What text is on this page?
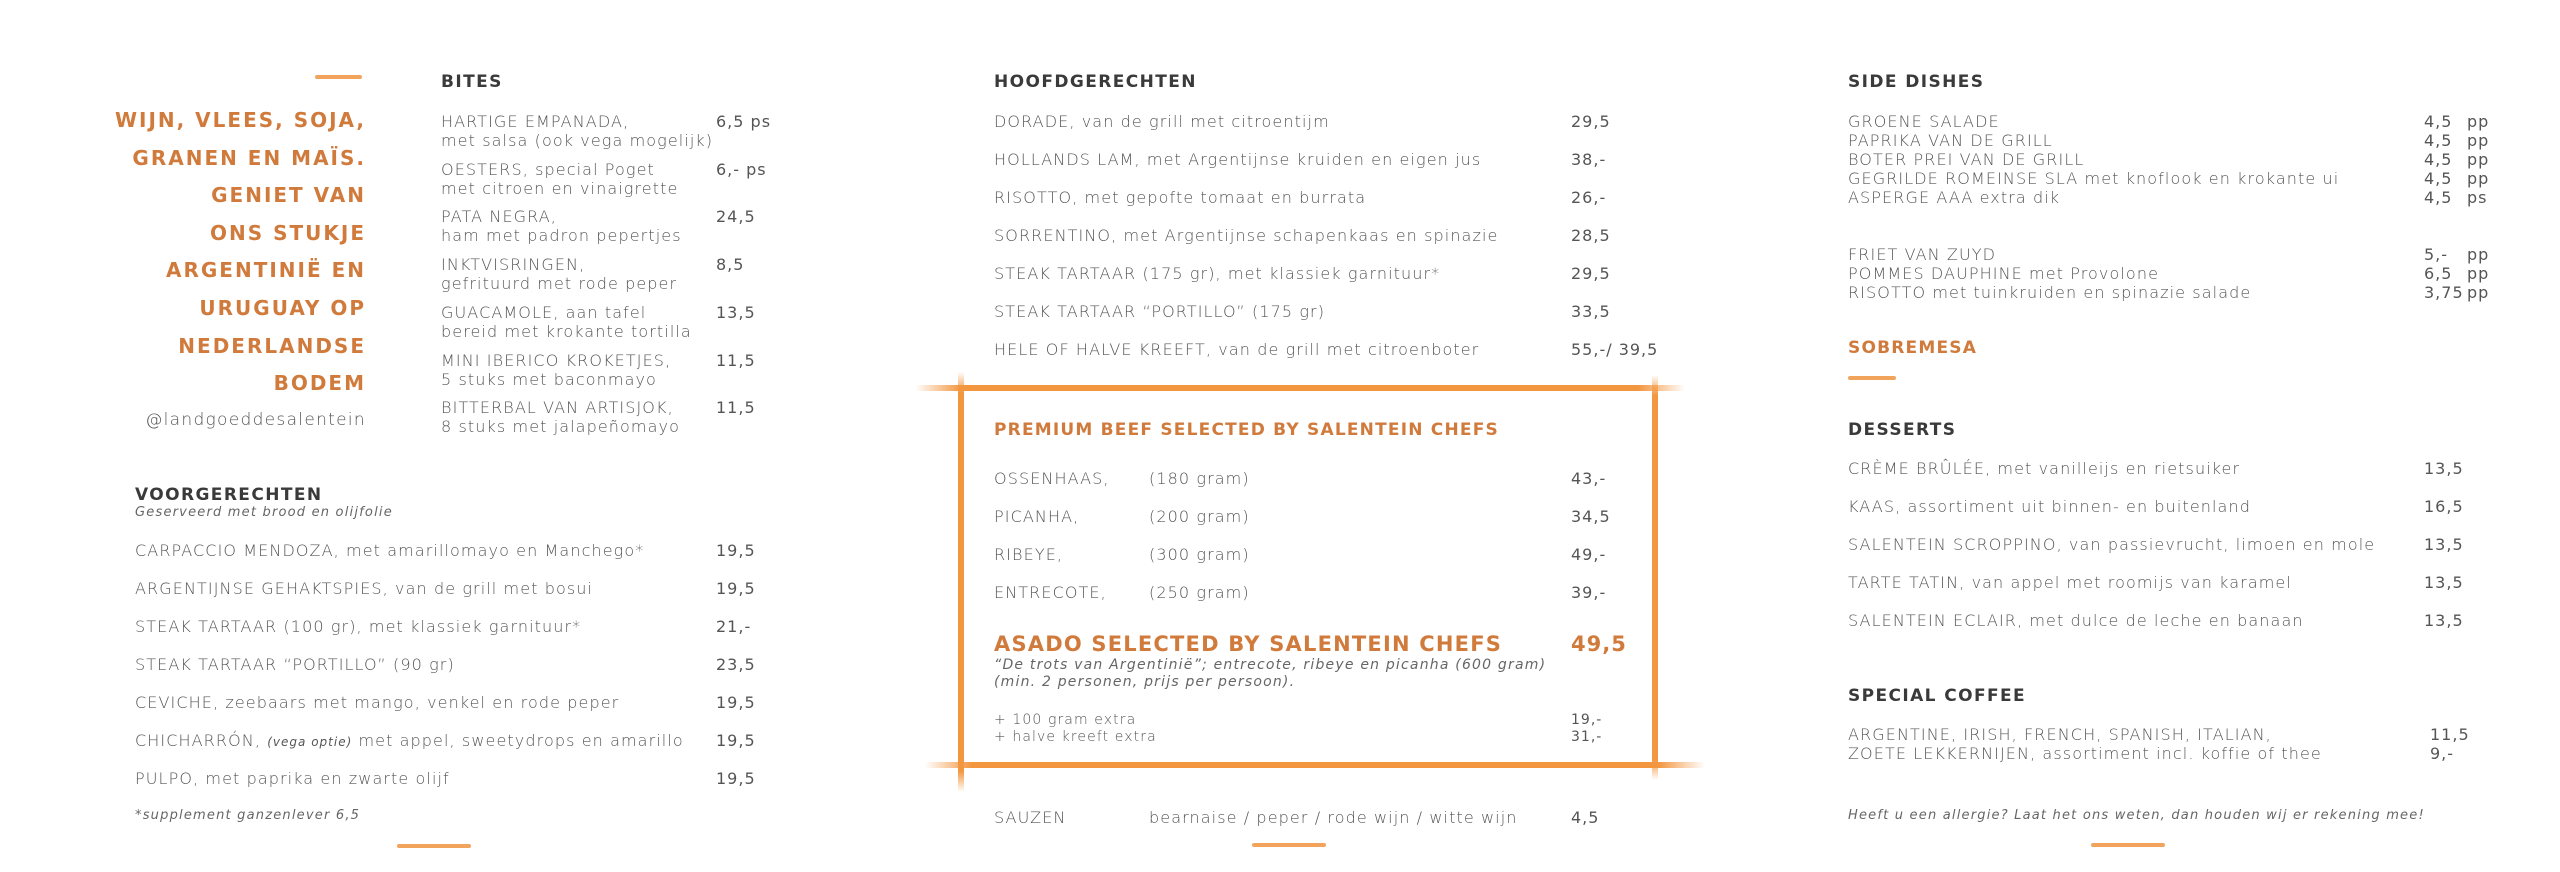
WIJN, VLEES, SOJA,
GRANEN EN MAÏS.
GENIET VAN
ONS STUKJE
ARGENTINIË EN
URUGUAY OP
NEDERLANDSE
BODEM
@landgoeddesalentein
BITES
HARTIGE EMPANADA,
met salsa (ook vega mogelijk)
6,5 ps
OESTERS, special Poget
met citroen en vinaigrette
6,- ps
PATA NEGRA,
ham met padron pepertjes
24,5
INKTVISRINGEN,
gefrituurd met rode peper
8,5
GUACAMOLE, aan tafel
bereid met krokante tortilla
13,5
MINI IBERICO KROKETJES,
5 stuks met baconmayo
11,5
BITTERBAL VAN ARTISJOK,
8 stuks met jalapeñomayo
11,5
VOORGERECHTEN
Geserveerd met brood en olijfolie
CARPACCIO MENDOZA, met amarillomayo en Manchego*	19,5
ARGENTIJNSE GEHAKTSPIES, van de grill met bosui	19,5
STEAK TARTAAR (100 gr), met klassiek garnituur*	21,-
STEAK TARTAAR “PORTILLO” (90 gr)	23,5
CEVICHE, zeebaars met mango, venkel en rode peper	19,5
CHICHARRÓN, (vega optie) met appel, sweetydrops en amarillo 19,5
PULPO, met paprika en zwarte olijf	19,5
*supplement ganzenlever 6,5
HOOFDGERECHTEN
DORADE, van de grill met citroentijm	29,5
HOLLANDS LAM, met Argentijnse kruiden en eigen jus	38,-
RISOTTO, met gepofte tomaat en burrata	26,-
SORRENTINO, met Argentijnse schapenkaas en spinazie	28,5
STEAK TARTAAR (175 gr), met klassiek garnituur*	29,5
STEAK TARTAAR “PORTILLO” (175 gr)	33,5
HELE OF HALVE KREEFT, van de grill met citroenboter	55,-/ 39,5
PREMIUM BEEF SELECTED BY SALENTEIN CHEFS
OSSENHAAS, (180 gram)	43,-
PICANHA,	(200 gram)	34,5
RIBEYE,	(300 gram)	49,-
ENTRECOTE,	(250 gram)	39,-
ASADO SELECTED BY SALENTEIN CHEFS	49,5
“De trots van Argentinië”; entrecote, ribeye en picanha (600 gram)
(min. 2 personen, prijs per persoon).
+ 100 gram extra	19,-
+ halve kreeft extra	31,-
SAUZEN	bearnaise / peper / rode wijn / witte wijn	4,5
SIDE DISHES
GROENE SALADE	4,5 pp
PAPRIKA VAN DE GRILL	4,5 pp
BOTER PREI VAN DE GRILL	4,5 pp
GEGRILDE ROMEINSE SLA met knoflook en krokante ui	4,5 pp
ASPERGE AAA extra dik	4,5 ps
FRIET VAN ZUYD	5,- pp
POMMES DAUPHINE met Provolone	6,5 pp
RISOTTO met tuinkruiden en spinazie salade	3,75 pp
SOBREMESA
DESSERTS
CRÈME BRÛLÉE, met vanilleijs en rietsuiker	13,5
KAAS, assortiment uit binnen- en buitenland	16,5
SALENTEIN SCROPPINO, van passievrucht, limoen en mole	13,5
TARTE TATIN, van appel met roomijs van karamel	13,5
SALENTEIN ECLAIR, met dulce de leche en banaan	13,5
SPECIAL COFFEE
ARGENTINE, IRISH, FRENCH, SPANISH, ITALIAN,	11,5
ZOETE LEKKERNIJEN, assortiment incl. koffie of thee	9,-
Heeft u een allergie? Laat het ons weten, dan houden wij er rekening mee!
